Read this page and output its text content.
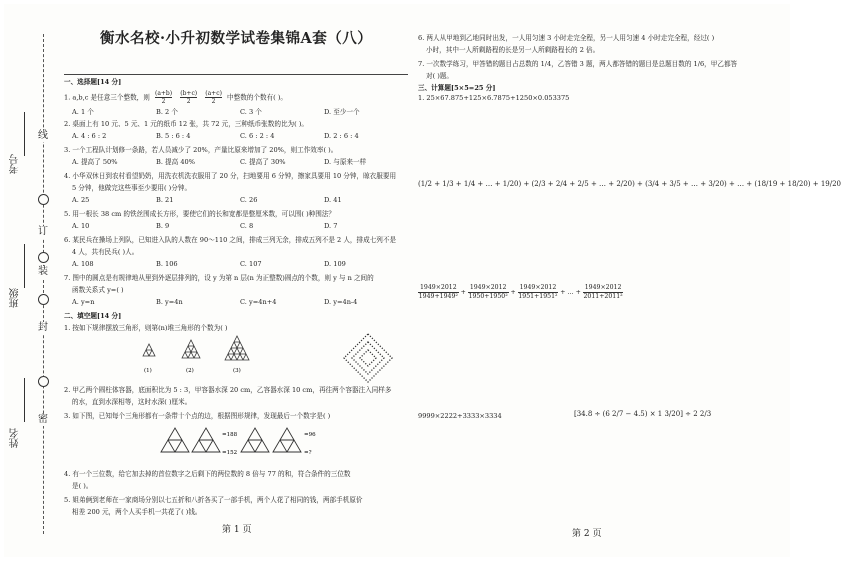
线
订
装
封
密
考号
班级
姓名
衡水名校·小升初数学试卷集锦A套（八）
一、选择题[14 分]
1. a,b,c 是任意三个整数，则 $\frac{(a+b)}{2} \frac{(b+c)}{2} \frac{(a+c)}{2}$ 中整数的个数有( )。
A. 1 个	B. 2 个	C. 3 个	D. 至少一个
2. 桌面上有 10 元、5 元、1 元的纸币 12 张，共 72 元，三种纸币张数的比为( )。
A. 4 : 6 : 2	B. 5 : 6 : 4	C. 6 : 2 : 4	D. 2 : 6 : 4
3. 一个工程队计划修一条路，若人员减少了 20%，产量比原来增加了 20%，则工作效率( )。
A. 提高了 50%	B. 提高 40%	C. 提高了 30%	D. 与原来一样
4. 小华双休日到农村看望奶奶，用洗衣机洗衣服用了 20 分，扫地要用 6 分钟，擦家具要用 10 分钟，晾衣服要用
5 分钟，他做完这些事至少要用( )分钟。
A. 25	B. 21	C. 26	D. 41
5. 用一根长 38 cm 的铁丝围成长方形，要使它们的长和宽都是整厘米数，可以围( )种围法？
A. 10	B. 9	C. 8	D. 7
6. 某民兵在操场上列队，已知进入队的人数在 90～110 之间，排成三列无余，排成五列不是 2 人，排成七列不是
4 人，共有民兵( )人。
A. 108	B. 106	C. 107	D. 109
7. 图中的圆点是有规律地从里到外逐层排列的，设 y 为第 n 层(n 为正整数)圆点的个数，则 y 与 n 之间的
函数关系式 y=( )
A. y=n	B. y=4n	C. y=4n+4	D. y=4n-4
二、填空题[14 分]
1. 按如下规律摆放三角形，则第(n)堆三角形的个数为( )
(1)	(2)	(3)
2. 甲乙两个圆柱体容器，底面积比为 5 : 3，甲容器水深 20 cm，乙容器水深 10 cm，再往两个容器注入同样多
的水，直到水深相等，这时水深( )厘米。
3. 如下图，已知每个三角形都有一条带十个点的边，根据图形规律，发现最后一个数字是( )
=188	=96
=152	=?
4. 有一个三位数，给它加去掉的首位数字之后剩下的两位数的 8 倍与 77 的和，符合条件的三位数
是( )。
5. 姐弟俩到老师在一家商场分别以七五折和八折各买了一部手机，两个人花了相同的钱，两部手机原价
相差 200 元，两个人买手机一共花了( )钱。
第 1 页
6. 两人从甲地到乙地同时出发，一人用匀速 3 小时走完全程，另一人用匀速 4 小时走完全程，经过( )
小时，其中一人所剩路程的长是另一人所剩路程长的 2 倍。
7. 一次数学练习，甲答错的题目占总数的 1/4，乙答错 3 题，两人都答错的题目是总题目数的 1/6，甲乙都答
对( )题。
三、计算题[5×5=25 分]
1. 25×67.875+125×6.7875+1250×0.053375
(1/2 + 1/3 + 1/4 + … + 1/20) + (2/3 + 2/4 + 2/5 + … + 2/20) + (3/4 + 3/5 + … + 3/20) + … + (18/19 + 18/20) + 19/20
$\frac{1949\times 2012}{\text{1949+1949²}} + \frac{1949\times 2012}{\text{1950+1950²}} + \frac{1949\times 2012}{\text{1951+1951²}}$ + … + $\frac{1949\times 2012}{\text{2011+2011²}}$
9999×2222+3333×3334	[34.8 ÷ (6 2/7 − 4.5) × 1 3/20] ÷ 2 2/3
第 2 页
